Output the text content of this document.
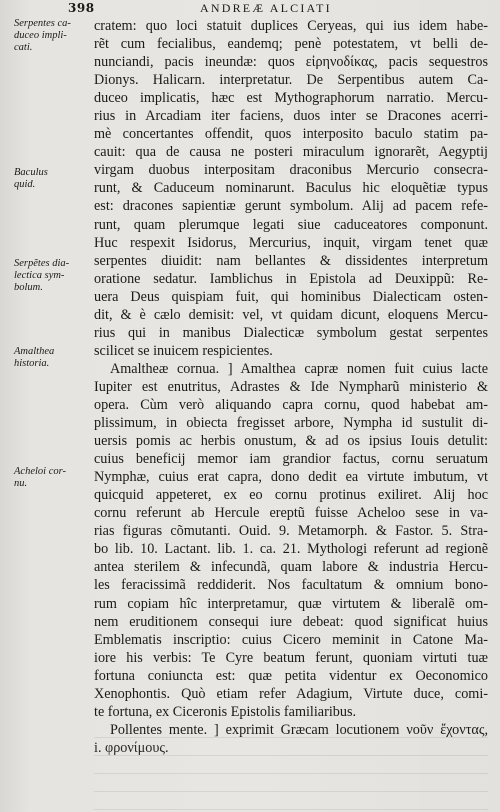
398	ANDREÆ ALCIATI
Serpentes ca-
duceo impli-
cati.
Baculus
quid.
Serpẽtes dia-
lectica sym-
bolum.
Amalthea
historia.
Acheloi cor-
nu.
cratem: quo loci statuit duplices Ceryeas, qui ius idem habe-
rẽt cum fecialibus, eandemq; penè potestatem, vt belli de-
nunciandi, pacis ineundæ: quos εἰρηνοδίκας, pacis sequestros
Dionys. Halicarn. interpretatur. De Serpentibus autem Ca-
duceo implicatis, hæc est Mythographorum narratio. Mercu-
rius in Arcadiam iter faciens, duos inter se Dracones acerri-
mè concertantes offendit, quos interposito baculo statim pa-
cauit: qua de causa ne posteri miraculum ignorarẽt, Aegyptij
virgam duobus interpositam draconibus Mercurio consecra-
runt, & Caduceum nominarunt. Baculus hic eloquẽtiæ typus
est: dracones sapientiæ gerunt symbolum. Alij ad pacem refe-
runt, quam plerumque legati siue caduceatores componunt.
Huc respexit Isidorus, Mercurius, inquit, virgam tenet quæ
serpentes diuidit: nam bellantes & dissidentes interpretum
oratione sedatur. Iamblichus in Epistola ad Deuxippũ: Re-
uera Deus quispiam fuit, qui hominibus Dialecticam osten-
dit, & è cælo demisit: vel, vt quidam dicunt, eloquens Mercu-
rius qui in manibus Dialecticæ symbolum gestat serpentes
scilicet se inuicem respicientes.
Amaltheæ cornua. ] Amalthea capræ nomen fuit cuius lacte
Iupiter est enutritus, Adrastes & Ide Nympharũ ministerio &
opera. Cùm verò aliquando capra cornu, quod habebat am-
plissimum, in obiecta fregisset arbore, Nympha id sustulit di-
uersis pomis ac herbis onustum, & ad os ipsius Iouis detulit:
cuius beneficij memor iam grandior factus, cornu seruatum
Nymphæ, cuius erat capra, dono dedit ea virtute imbutum, vt
quicquid appeteret, ex eo cornu protinus exiliret. Alij hoc
cornu referunt ab Hercule ereptũ fuisse Acheloo sese in va-
rias figuras cõmutanti. Ouid. 9. Metamorph. & Fastor. 5. Stra-
bo lib. 10. Lactant. lib. 1. ca. 21. Mythologi referunt ad regionẽ
antea sterilem & infecundã, quam labore & industria Hercu-
les feracissimã reddiderit. Nos facultatum & omnium bono-
rum copiam hîc interpretamur, quæ virtutem & liberalẽ om-
nem eruditionem consequi iure debeat: quod significat huius
Emblematis inscriptio: cuius Cicero meminit in Catone Ma-
iore his verbis: Te Cyre beatum ferunt, quoniam virtuti tuæ
fortuna coniuncta est: quæ petita videntur ex Oeconomico
Xenophontis. Quò etiam refer Adagium, Virtute duce, comi-
te fortuna, ex Ciceronis Epistolis familiaribus.
Pollentes mente. ] exprimit Græcam locutionem νοῦν ἔχοντας,
i. φρονίμους.
